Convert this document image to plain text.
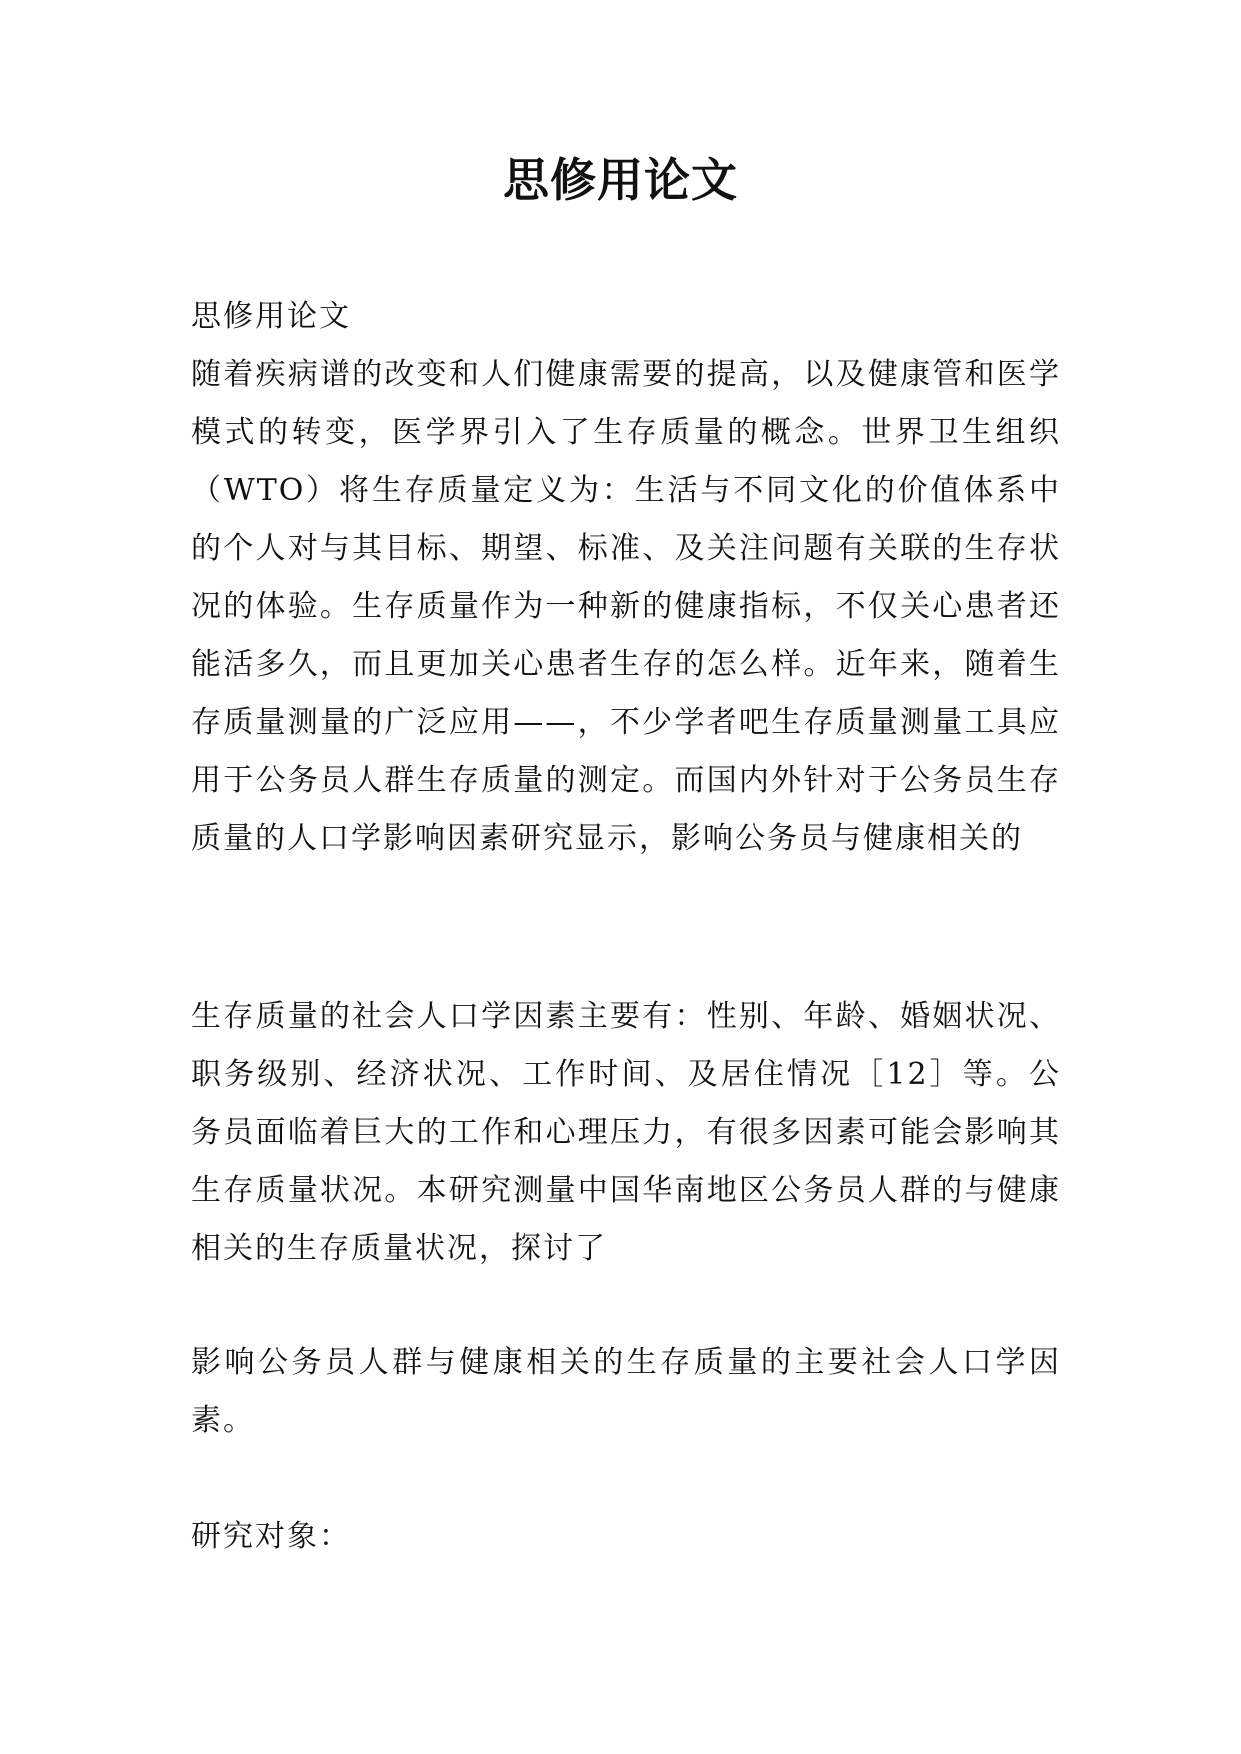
思修用论文

思修用论文

随着疾病谱的改变和人们健康需要的提高，以及健康管和医学模式的转变，医学界引入了生存质量的概念。世界卫生组织（WTO）将生存质量定义为：生活与不同文化的价值体系中的个人对与其目标、期望、标准、及关注问题有关联的生存状况的体验。生存质量作为一种新的健康指标，不仅关心患者还能活多久，而且更加关心患者生存的怎么样。近年来，随着生存质量测量的广泛应用——，不少学者吧生存质量测量工具应用于公务员人群生存质量的测定。而国内外针对于公务员生存质量的人口学影响因素研究显示，影响公务员与健康相关的

生存质量的社会人口学因素主要有：性别、年龄、婚姻状况、职务级别、经济状况、工作时间、及居住情况［12］等。公务员面临着巨大的工作和心理压力，有很多因素可能会影响其生存质量状况。本研究测量中国华南地区公务员人群的与健康相关的生存质量状况，探讨了

影响公务员人群与健康相关的生存质量的主要社会人口学因素。

研究对象：
